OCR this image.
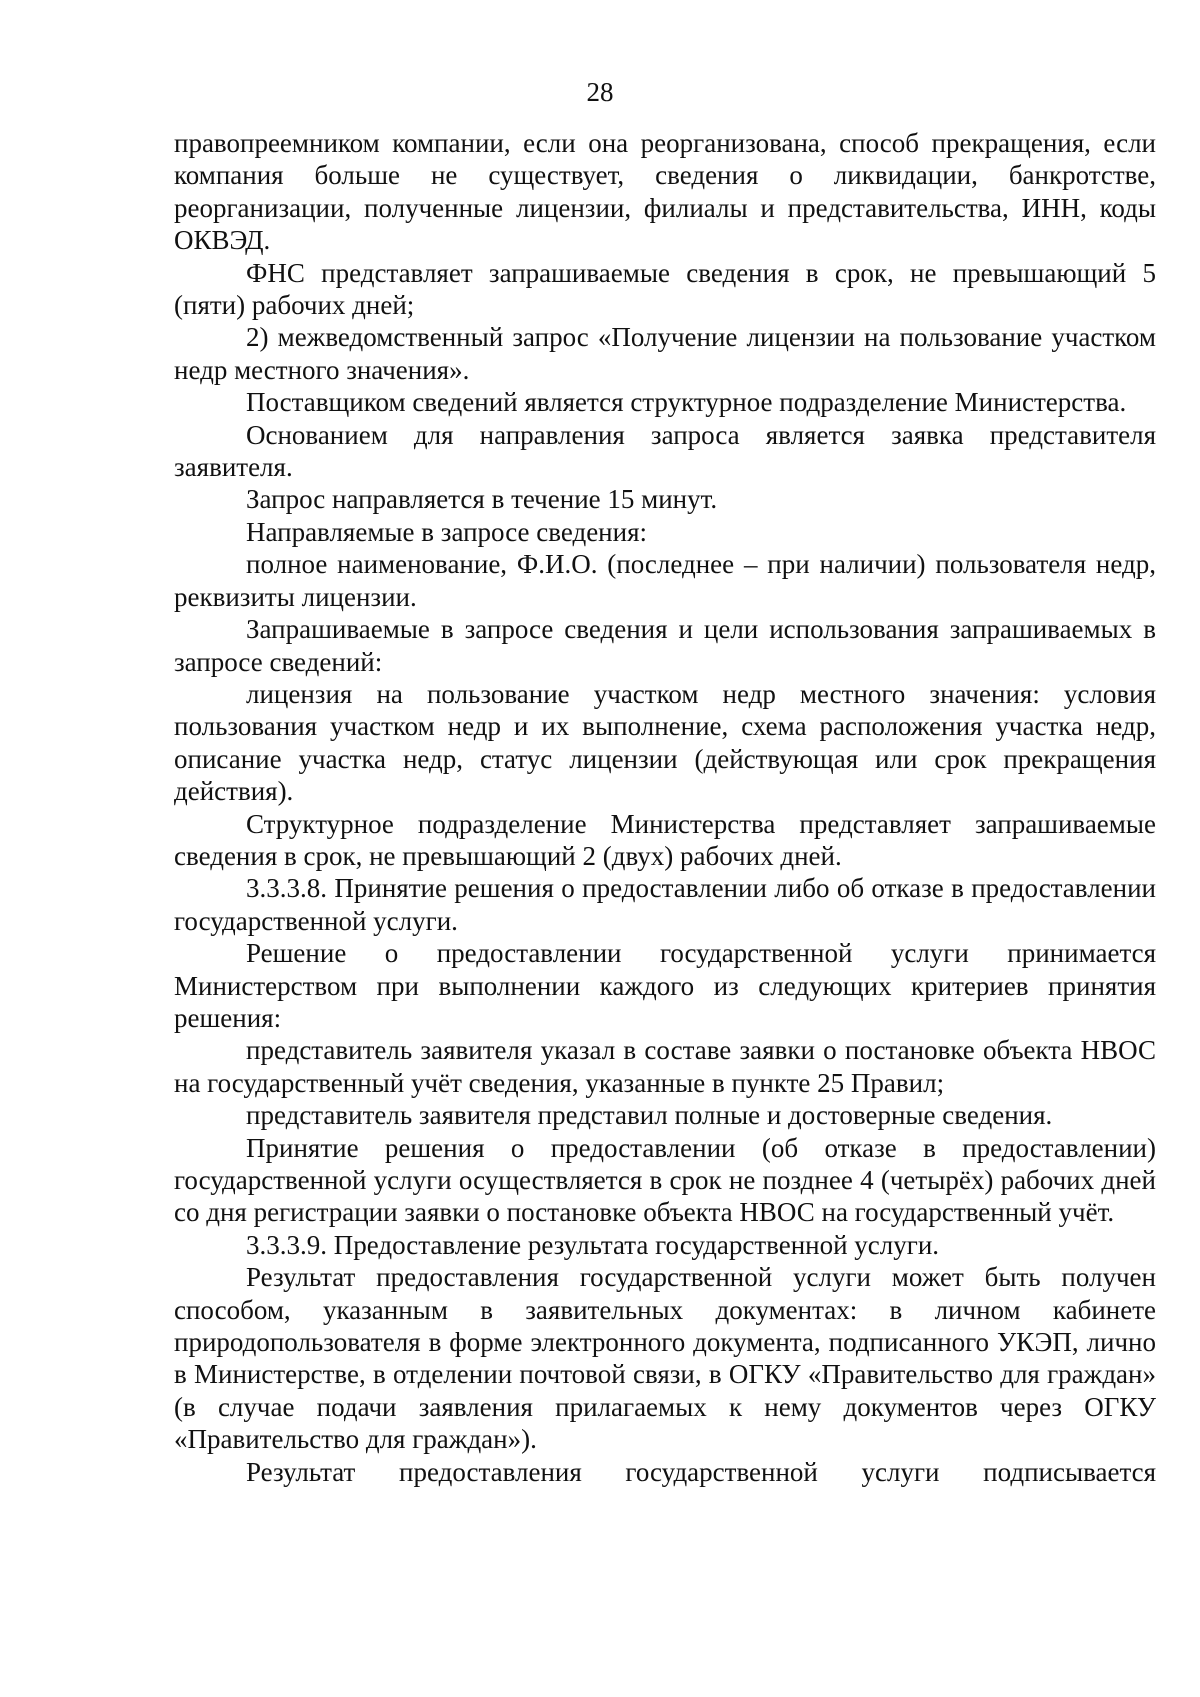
28

правопреемником компании, если она реорганизована, способ прекращения, если компания больше не существует, сведения о ликвидации, банкротстве, реорганизации, полученные лицензии, филиалы и представительства, ИНН, коды ОКВЭД.

ФНС представляет запрашиваемые сведения в срок, не превышающий 5 (пяти) рабочих дней;

2) межведомственный запрос «Получение лицензии на пользование участком недр местного значения».

Поставщиком сведений является структурное подразделение Министерства.

Основанием для направления запроса является заявка представителя заявителя.

Запрос направляется в течение 15 минут.

Направляемые в запросе сведения:

полное наименование, Ф.И.О. (последнее – при наличии) пользователя недр, реквизиты лицензии.

Запрашиваемые в запросе сведения и цели использования запрашиваемых в запросе сведений:

лицензия на пользование участком недр местного значения: условия пользования участком недр и их выполнение, схема расположения участка недр, описание участка недр, статус лицензии (действующая или срок прекращения действия).

Структурное подразделение Министерства представляет запрашиваемые сведения в срок, не превышающий 2 (двух) рабочих дней.

3.3.3.8. Принятие решения о предоставлении либо об отказе в предоставлении государственной услуги.

Решение о предоставлении государственной услуги принимается Министерством при выполнении каждого из следующих критериев принятия решения:

представитель заявителя указал в составе заявки о постановке объекта НВОС на государственный учёт сведения, указанные в пункте 25 Правил;

представитель заявителя представил полные и достоверные сведения.

Принятие решения о предоставлении (об отказе в предоставлении) государственной услуги осуществляется в срок не позднее 4 (четырёх) рабочих дней со дня регистрации заявки о постановке объекта НВОС на государственный учёт.

3.3.3.9. Предоставление результата государственной услуги.

Результат предоставления государственной услуги может быть получен способом, указанным в заявительных документах: в личном кабинете природопользователя в форме электронного документа, подписанного УКЭП, лично в Министерстве, в отделении почтовой связи, в ОГКУ «Правительство для граждан» (в случае подачи заявления прилагаемых к нему документов через ОГКУ «Правительство для граждан»).

Результат предоставления государственной услуги подписывается
